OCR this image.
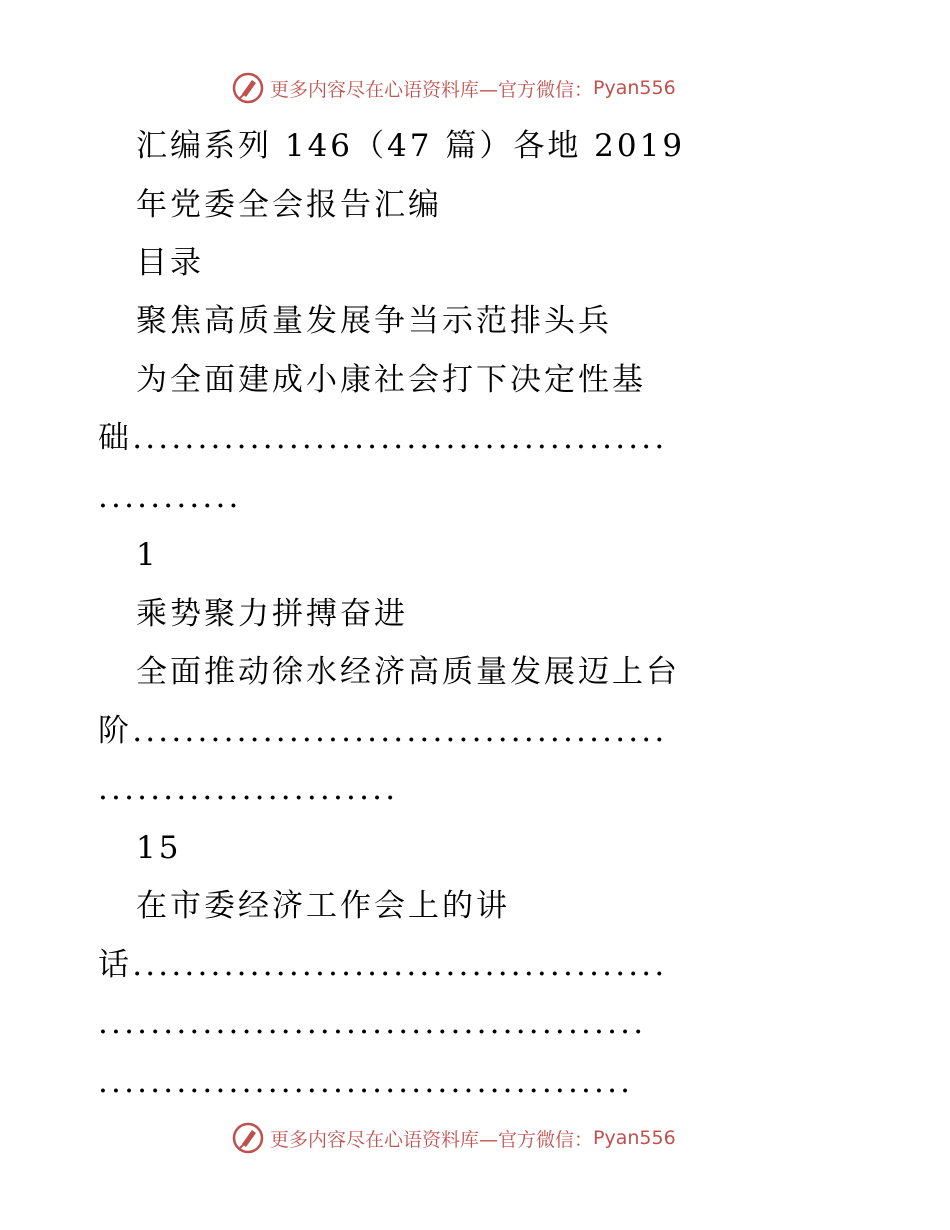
更多内容尽在心语资料库—官方微信： Pyan556
汇编系列 146（47 篇）各地 2019
年党委全会报告汇编
目录
聚焦高质量发展争当示范排头兵
为全面建成小康社会打下决定性基
础.........................................
...........
1
乘势聚力拼搏奋进
全面推动徐水经济高质量发展迈上台
阶.........................................
.......................
15
在市委经济工作会上的讲
话.........................................
..........................................
.........................................
更多内容尽在心语资料库—官方微信： Pyan556
